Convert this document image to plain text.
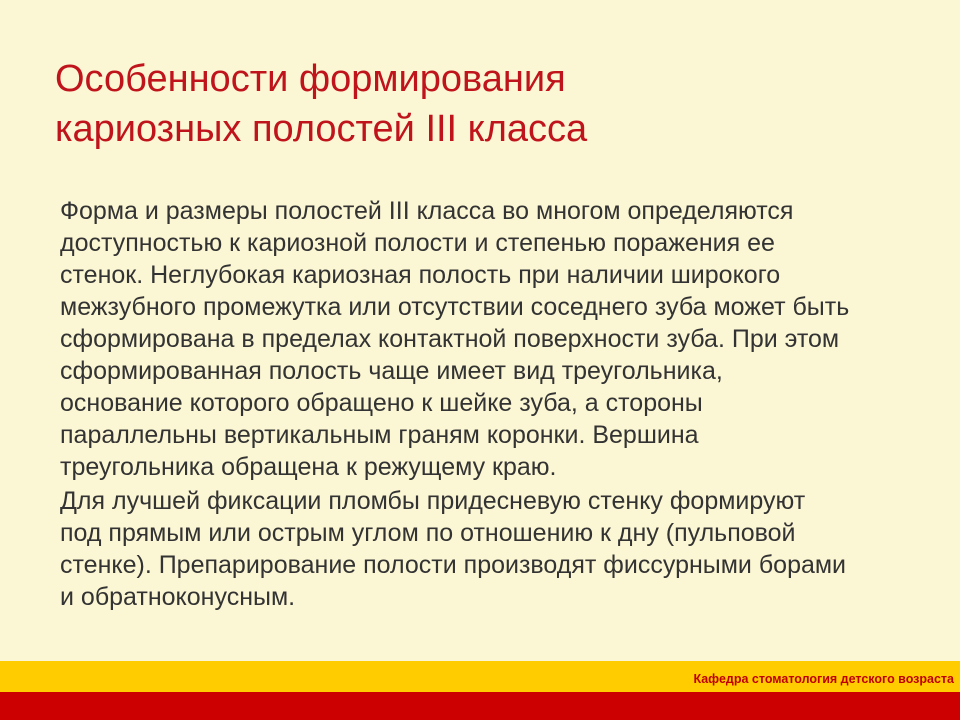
Особенности формирования
кариозных полостей III класса
Форма и размеры полостей III класса во многом определяются
доступностью к кариозной полости и степенью поражения ее
стенок. Неглубокая кариозная полость при наличии широкого
межзубного промежутка или отсутствии соседнего зуба может быть
сформирована в пределах контактной поверхности зуба. При этом
сформированная полость чаще имеет вид треугольника,
основание которого обращено к шейке зуба, а стороны
параллельны вертикальным граням коронки. Вершина
треугольника обращена к режущему краю.
Для лучшей фиксации пломбы придесневую стенку формируют
под прямым или острым углом по отношению к дну (пульповой
стенке). Препарирование полости производят фиссурными борами
и обратноконусным.
Кафедра стоматология детского возраста
